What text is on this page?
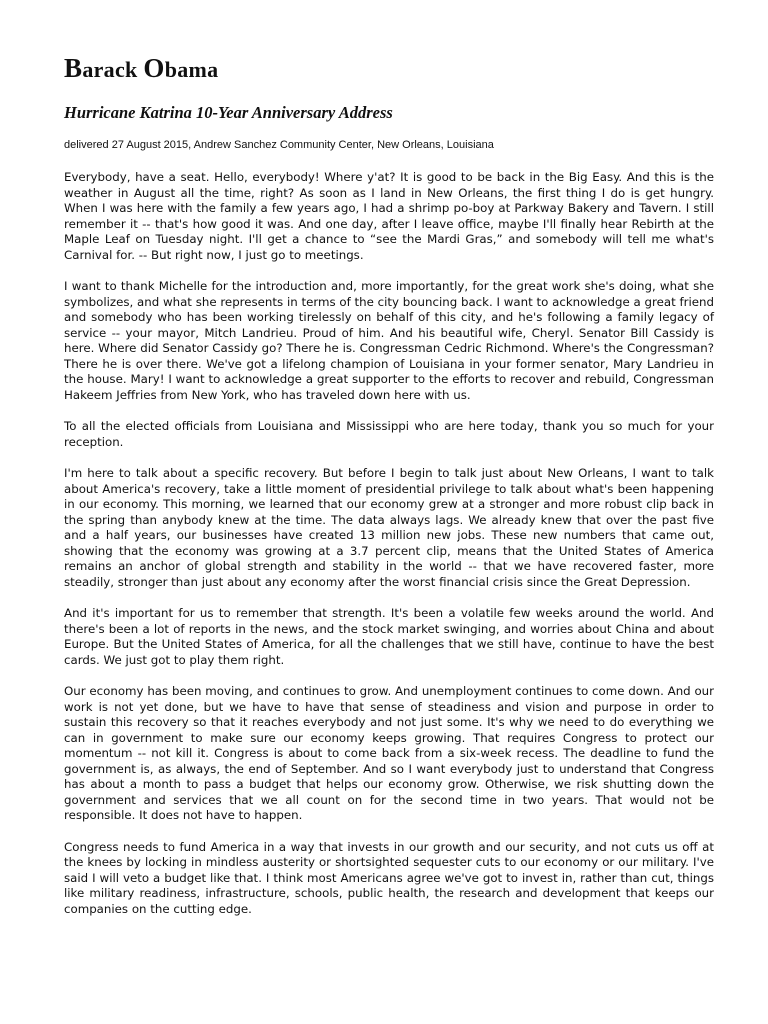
Barack Obama
Hurricane Katrina 10-Year Anniversary Address
delivered 27 August 2015, Andrew Sanchez Community Center, New Orleans, Louisiana

Everybody, have a seat. Hello, everybody! Where y'at? It is good to be back in the Big Easy. And this is the weather in August all the time, right? As soon as I land in New Orleans, the first thing I do is get hungry. When I was here with the family a few years ago, I had a shrimp po-boy at Parkway Bakery and Tavern. I still remember it -- that's how good it was. And one day, after I leave office, maybe I'll finally hear Rebirth at the Maple Leaf on Tuesday night. I'll get a chance to “see the Mardi Gras,” and somebody will tell me what's Carnival for. -- But right now, I just go to meetings.

I want to thank Michelle for the introduction and, more importantly, for the great work she's doing, what she symbolizes, and what she represents in terms of the city bouncing back. I want to acknowledge a great friend and somebody who has been working tirelessly on behalf of this city, and he's following a family legacy of service -- your mayor, Mitch Landrieu. Proud of him. And his beautiful wife, Cheryl. Senator Bill Cassidy is here. Where did Senator Cassidy go? There he is. Congressman Cedric Richmond. Where's the Congressman? There he is over there. We've got a lifelong champion of Louisiana in your former senator, Mary Landrieu in the house. Mary! I want to acknowledge a great supporter to the efforts to recover and rebuild, Congressman Hakeem Jeffries from New York, who has traveled down here with us.

To all the elected officials from Louisiana and Mississippi who are here today, thank you so much for your reception.

I'm here to talk about a specific recovery. But before I begin to talk just about New Orleans, I want to talk about America's recovery, take a little moment of presidential privilege to talk about what's been happening in our economy. This morning, we learned that our economy grew at a stronger and more robust clip back in the spring than anybody knew at the time. The data always lags. We already knew that over the past five and a half years, our businesses have created 13 million new jobs. These new numbers that came out, showing that the economy was growing at a 3.7 percent clip, means that the United States of America remains an anchor of global strength and stability in the world -- that we have recovered faster, more steadily, stronger than just about any economy after the worst financial crisis since the Great Depression.

And it's important for us to remember that strength. It's been a volatile few weeks around the world. And there's been a lot of reports in the news, and the stock market swinging, and worries about China and about Europe. But the United States of America, for all the challenges that we still have, continue to have the best cards. We just got to play them right.

Our economy has been moving, and continues to grow. And unemployment continues to come down. And our work is not yet done, but we have to have that sense of steadiness and vision and purpose in order to sustain this recovery so that it reaches everybody and not just some. It's why we need to do everything we can in government to make sure our economy keeps growing. That requires Congress to protect our momentum -- not kill it. Congress is about to come back from a six-week recess. The deadline to fund the government is, as always, the end of September. And so I want everybody just to understand that Congress has about a month to pass a budget that helps our economy grow. Otherwise, we risk shutting down the government and services that we all count on for the second time in two years. That would not be responsible. It does not have to happen.

Congress needs to fund America in a way that invests in our growth and our security, and not cuts us off at the knees by locking in mindless austerity or shortsighted sequester cuts to our economy or our military. I've said I will veto a budget like that. I think most Americans agree we've got to invest in, rather than cut, things like military readiness, infrastructure, schools, public health, the research and development that keeps our companies on the cutting edge.
